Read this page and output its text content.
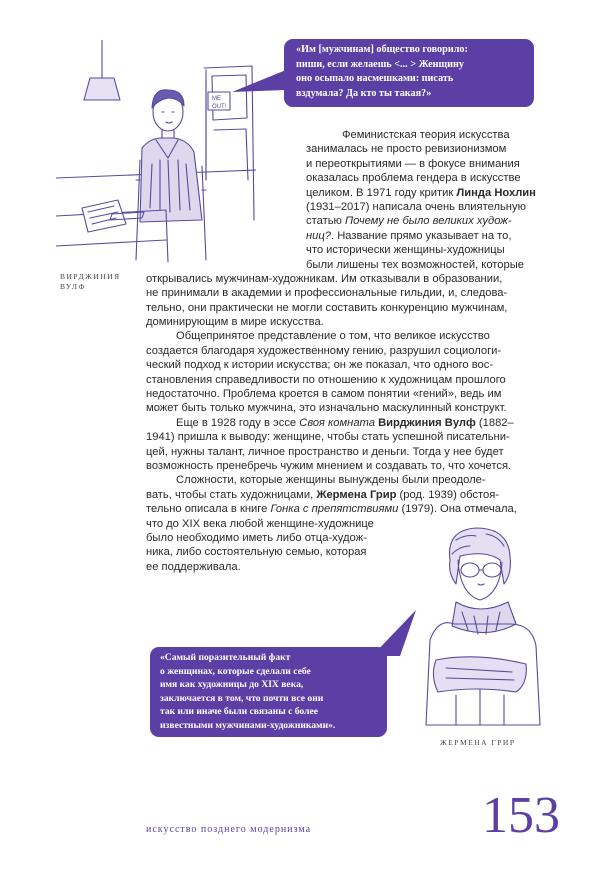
ME
OUT!

«Им [мужчинам] общество говорило:

пиши, если желаешь <... > Женщину

оно осыпало насмешками: писать

вздумала? Да кто ты такая?»

ВИРДЖИНИЯ
ВУЛФ
Феминистская теория искусства
занималась не просто ревизионизмом
и переоткрытиями — в фокусе внимания
оказалась проблема гендера в искусстве
целиком. В 1971 году критик Линда Нохлин
(1931–2017) написала очень влиятельную
статью Почему не было великих худож-
ниц?. Название прямо указывает на то,
что исторически женщины-художницы
были лишены тех возможностей, которые
открывались мужчинам-художникам. Им отказывали в образовании,
не принимали в академии и профессиональные гильдии, и, следова-
тельно, они практически не могли составить конкуренцию мужчинам,
доминирующим в мире искусства.
Общепринятое представление о том, что великое искусство
создается благодаря художественному гению, разрушил социологи-
ческий подход к истории искусства; он же показал, что одного вос-
становления справедливости по отношению к художницам прошлого
недостаточно. Проблема кроется в самом понятии «гений», ведь им
может быть только мужчина, это изначально маскулинный конструкт.
Еще в 1928 году в эссе Своя комната Вирджиния Вулф (1882–
1941) пришла к выводу: женщине, чтобы стать успешной писательни-
цей, нужны талант, личное пространство и деньги. Тогда у нее будет
возможность пренебречь чужим мнением и создавать то, что хочется.
Сложности, которые женщины вынуждены были преодоле-
вать, чтобы стать художницами, Жермена Грир (род. 1939) обстоя-
тельно описала в книге Гонка с препятствиями (1979). Она отмечала,
что до XIX века любой женщине-художнице
было необходимо иметь либо отца-худож-
ника, либо состоятельную семью, которая
ее поддерживала.

«Самый поразительный факт

о женщинах, которые сделали себе

имя как художницы до XIX века,

заключается в том, что почти все они

так или иначе были связаны с более

известными мужчинами-художниками».

ЖЕРМЕНА ГРИР
искусство позднего модернизма	153
